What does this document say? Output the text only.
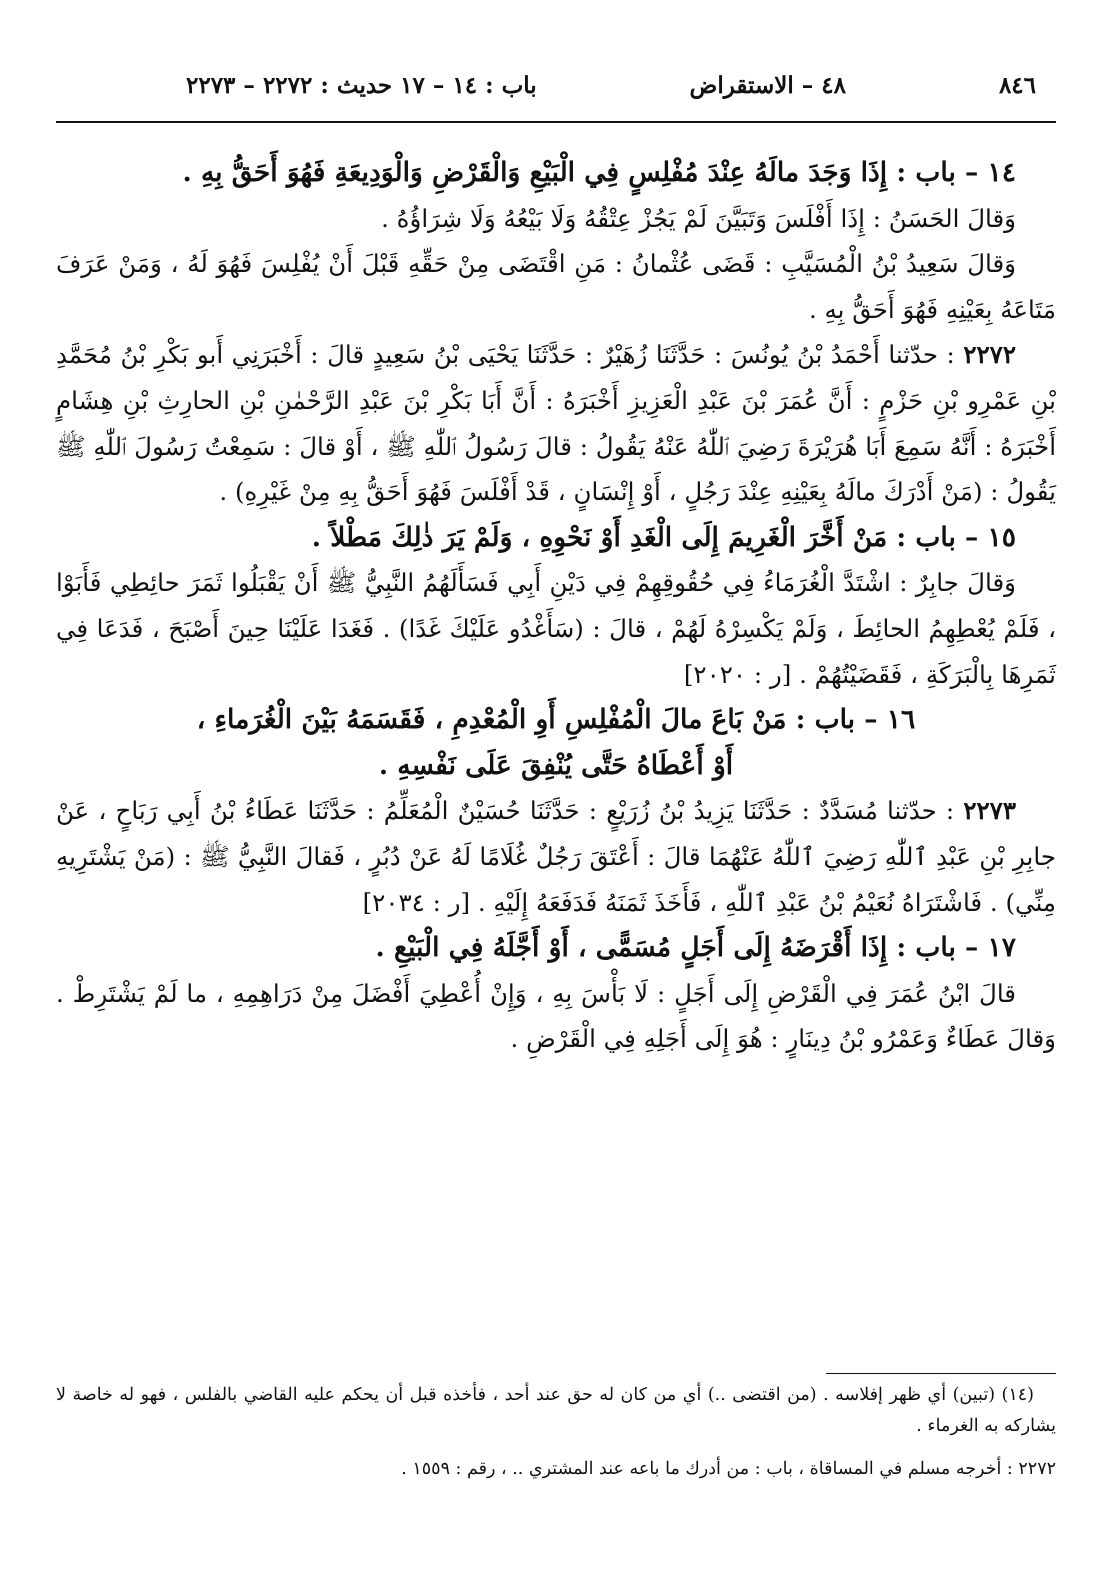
٨٤٦
٤٨ – الاستقراض
باب : ١٤ – ١٧ حديث : ٢٢٧٢ – ٢٢٧٣

١٤ – باب : إِذَا وَجَدَ مالَهُ عِنْدَ مُفْلِسٍ فِي الْبَيْعِ وَالْقَرْضِ وَالْوَدِيعَةِ فَهُوَ أَحَقُّ بِهِ .

وَقالَ الحَسَنُ : إِذَا أَفْلَسَ وَتَبَيَّنَ لَمْ يَجُزْ عِتْقُهُ وَلَا بَيْعُهُ وَلَا شِرَاؤُهُ .

وَقالَ سَعِيدُ بْنُ الْمُسَيَّبِ : قَضَى عُثْمانُ : مَنِ اقْتَضَى مِنْ حَقِّهِ قَبْلَ أَنْ يُفْلِسَ فَهُوَ لَهُ ، وَمَنْ عَرَفَ مَتَاعَهُ بِعَيْنِهِ فَهُوَ أَحَقُّ بِهِ .

٢٢٧٢ : حدّثنا أَحْمَدُ بْنُ يُونُسَ : حَدَّثَنَا زُهَيْرٌ : حَدَّثَنَا يَحْيَى بْنُ سَعِيدٍ قالَ : أَخْبَرَنِي أَبو بَكْرِ بْنُ مُحَمَّدِ بْنِ عَمْرِو بْنِ حَزْمٍ : أَنَّ عُمَرَ بْنَ عَبْدِ الْعَزِيزِ أَخْبَرَهُ : أَنَّ أَبَا بَكْرِ بْنَ عَبْدِ الرَّحْمٰنِ بْنِ الحارِثِ بْنِ هِشَامٍ أَخْبَرَهُ : أَنَّهُ سَمِعَ أَبَا هُرَيْرَةَ رَضِيَ ٱللّٰهُ عَنْهُ يَقُولُ : قالَ رَسُولُ ٱللّٰهِ ﷺ ، أَوْ قالَ : سَمِعْتُ رَسُولَ ٱللّٰهِ ﷺ يَقُولُ : (مَنْ أَدْرَكَ مالَهُ بِعَيْنِهِ عِنْدَ رَجُلٍ ، أَوْ إِنْسَانٍ ، قَدْ أَفْلَسَ فَهُوَ أَحَقُّ بِهِ مِنْ غَيْرِهِ) .

١٥ – باب : مَنْ أَخَّرَ الْغَرِيمَ إِلَى الْغَدِ أَوْ نَحْوِهِ ، وَلَمْ يَرَ ذٰلِكَ مَطْلاً .

وَقالَ جابِرٌ : اشْتَدَّ الْغُرَمَاءُ فِي حُقُوقِهِمْ فِي دَيْنِ أَبِي فَسَأَلَهُمُ النَّبِيُّ ﷺ أَنْ يَقْبَلُوا ثَمَرَ حائِطِي فَأَبَوْا ، فَلَمْ يُعْطِهِمُ الحائِطَ ، وَلَمْ يَكْسِرْهُ لَهُمْ ، قالَ : (سَأَغْدُو عَلَيْكَ غَدًا) . فَغَدَا عَلَيْنَا حِينَ أَصْبَحَ ، فَدَعَا فِي ثَمَرِهَا بِالْبَرَكَةِ ، فَقَضَيْتُهُمْ . [ر : ٢٠٢٠]

١٦ – باب : مَنْ بَاعَ مالَ الْمُفْلِسِ أَوِ الْمُعْدِمِ ، فَقَسَمَهُ بَيْنَ الْغُرَماءِ ،

أَوْ أَعْطَاهُ حَتَّى يُنْفِقَ عَلَى نَفْسِهِ .

٢٢٧٣ : حدّثنا مُسَدَّدٌ : حَدَّثَنَا يَزِيدُ بْنُ زُرَيْعٍ : حَدَّثَنَا حُسَيْنٌ الْمُعَلِّمُ : حَدَّثَنَا عَطَاءُ بْنُ أَبِي رَبَاحٍ ، عَنْ جابِرِ بْنِ عَبْدِ ٱللّٰهِ رَضِيَ ٱللّٰهُ عَنْهُمَا قالَ : أَعْتَقَ رَجُلٌ غُلَامًا لَهُ عَنْ دُبُرٍ ، فَقالَ النَّبِيُّ ﷺ : (مَنْ يَشْتَرِيهِ مِنِّي) . فَاشْتَرَاهُ نُعَيْمُ بْنُ عَبْدِ ٱللّٰهِ ، فَأَخَذَ ثَمَنَهُ فَدَفَعَهُ إِلَيْهِ . [ر : ٢٠٣٤]

١٧ – باب : إِذَا أَقْرَضَهُ إِلَى أَجَلٍ مُسَمًّى ، أَوْ أَجَّلَهُ فِي الْبَيْعِ .

قالَ ابْنُ عُمَرَ فِي الْقَرْضِ إِلَى أَجَلٍ : لَا بَأْسَ بِهِ ، وَإِنْ أُعْطِيَ أَفْضَلَ مِنْ دَرَاهِمِهِ ، ما لَمْ يَشْتَرِطْ . وَقالَ عَطَاءٌ وَعَمْرُو بْنُ دِينَارٍ : هُوَ إِلَى أَجَلِهِ فِي الْقَرْضِ .

(١٤) (تبين) أي ظهر إفلاسه . (من اقتضى ..) أي من كان له حق عند أحد ، فأخذه قبل أن يحكم عليه القاضي بالفلس ، فهو له خاصة لا يشاركه به الغرماء .

٢٢٧٢ : أخرجه مسلم في المساقاة ، باب : من أدرك ما باعه عند المشتري .. ، رقم : ١٥٥٩ .
